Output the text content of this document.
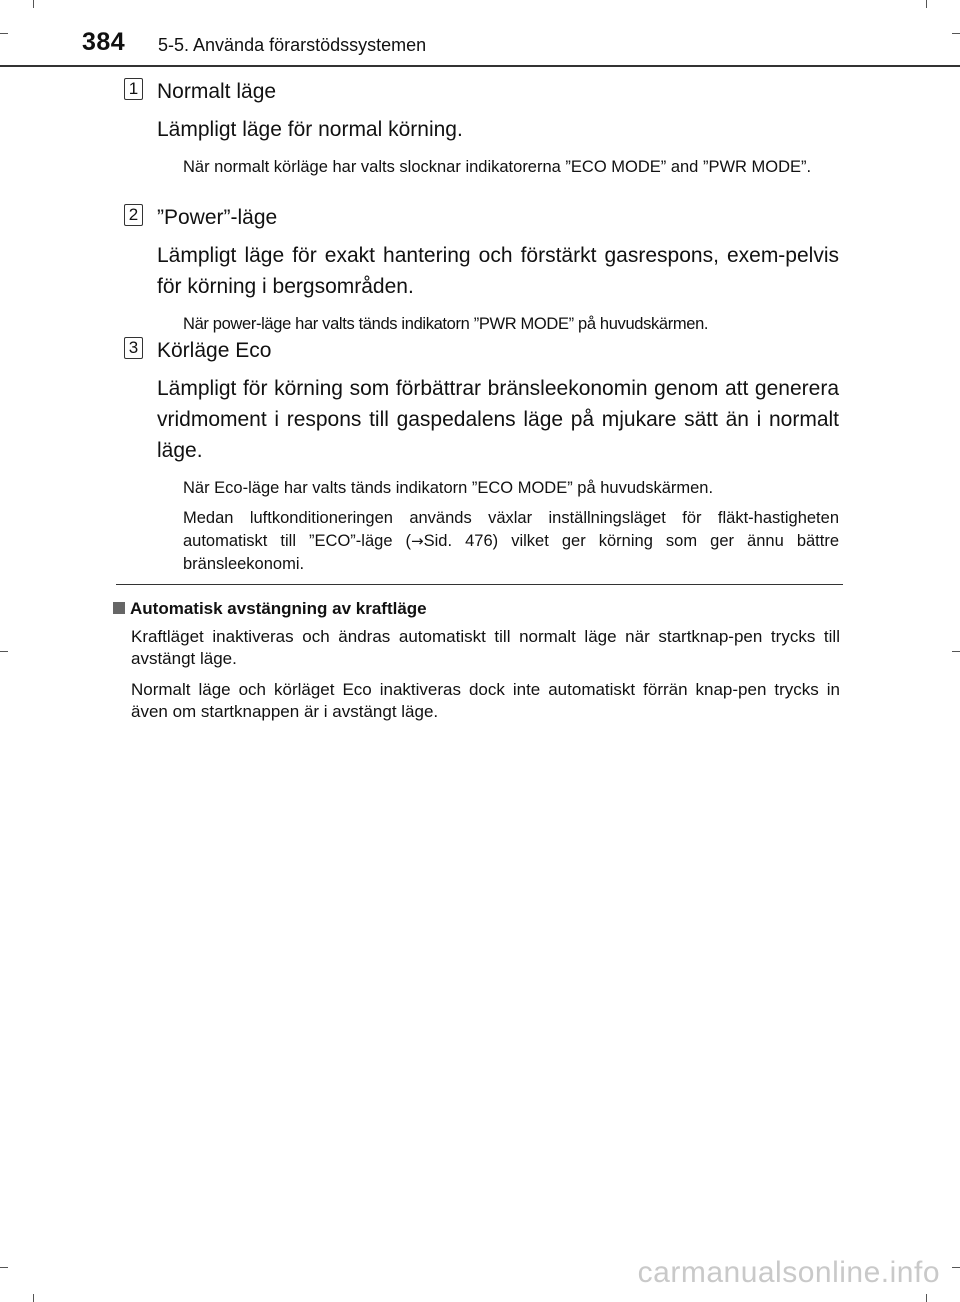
384 5-5. Använda förarstödssystemen
1 Normalt läge

Lämpligt läge för normal körning.

När normalt körläge har valts slocknar indikatorerna ”ECO MODE” and ”PWR MODE”.

2 ”Power”-läge

Lämpligt läge för exakt hantering och förstärkt gasrespons, exem-pelvis för körning i bergsområden.

När power-läge har valts tänds indikatorn ”PWR MODE” på huvudskärmen.

3 Körläge Eco

Lämpligt för körning som förbättrar bränsleekonomin genom att generera vridmoment i respons till gaspedalens läge på mjukare sätt än i normalt läge.

När Eco-läge har valts tänds indikatorn ”ECO MODE” på huvudskärmen.

Medan luftkonditioneringen används växlar inställningsläget för fläkt-hastigheten automatiskt till ”ECO”-läge (→Sid. 476) vilket ger körning som ger ännu bättre bränsleekonomi.

Automatisk avstängning av kraftläge

Kraftläget inaktiveras och ändras automatiskt till normalt läge när startknap-pen trycks till avstängt läge.

Normalt läge och körläget Eco inaktiveras dock inte automatiskt förrän knap-pen trycks in även om startknappen är i avstängt läge.

carmanualsonline.info
